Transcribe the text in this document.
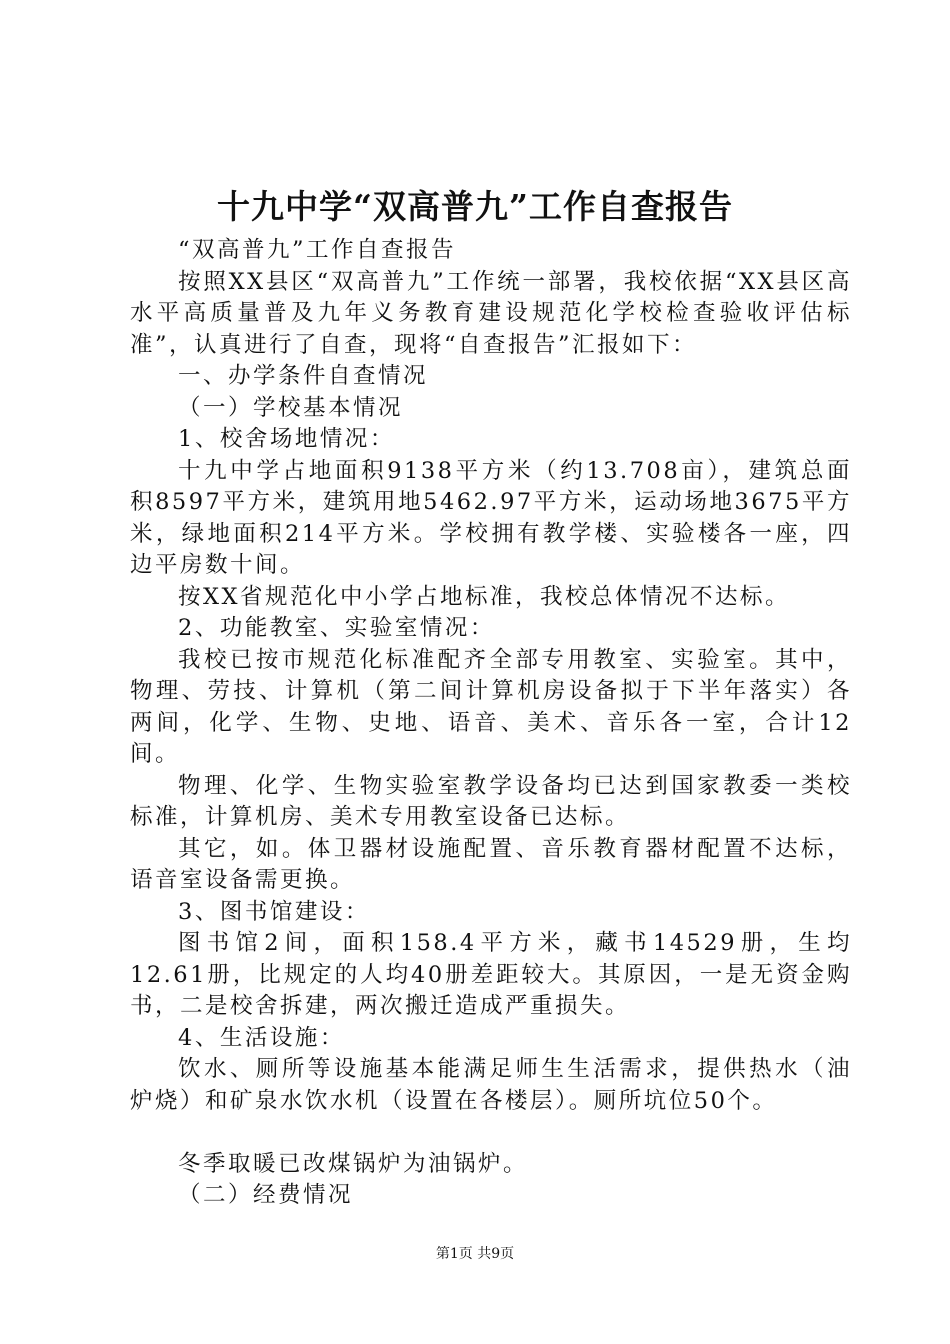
十九中学“双高普九”工作自查报告

“双高普九”工作自查报告

按照XX县区“双高普九”工作统一部署，我校依据“XX县区高水平高质量普及九年义务教育建设规范化学校检查验收评估标准”，认真进行了自查，现将“自查报告”汇报如下：

一、办学条件自查情况

（一）学校基本情况

1、校舍场地情况：

十九中学占地面积9138平方米（约13.708亩），建筑总面积8597平方米，建筑用地5462.97平方米，运动场地3675平方米，绿地面积214平方米。学校拥有教学楼、实验楼各一座，四边平房数十间。

按XX省规范化中小学占地标准，我校总体情况不达标。

2、功能教室、实验室情况：

我校已按市规范化标准配齐全部专用教室、实验室。其中，物理、劳技、计算机（第二间计算机房设备拟于下半年落实）各两间，化学、生物、史地、语音、美术、音乐各一室，合计12间。

物理、化学、生物实验室教学设备均已达到国家教委一类校标准，计算机房、美术专用教室设备已达标。

其它，如。体卫器材设施配置、音乐教育器材配置不达标，语音室设备需更换。

3、图书馆建设：

图书馆2间，面积158.4平方米，藏书14529册，生均12.61册，比规定的人均40册差距较大。其原因，一是无资金购书，二是校舍拆建，两次搬迁造成严重损失。

4、生活设施：

饮水、厕所等设施基本能满足师生生活需求，提供热水（油炉烧）和矿泉水饮水机（设置在各楼层）。厕所坑位50个。

冬季取暖已改煤锅炉为油锅炉。

（二）经费情况

第1页 共9页
